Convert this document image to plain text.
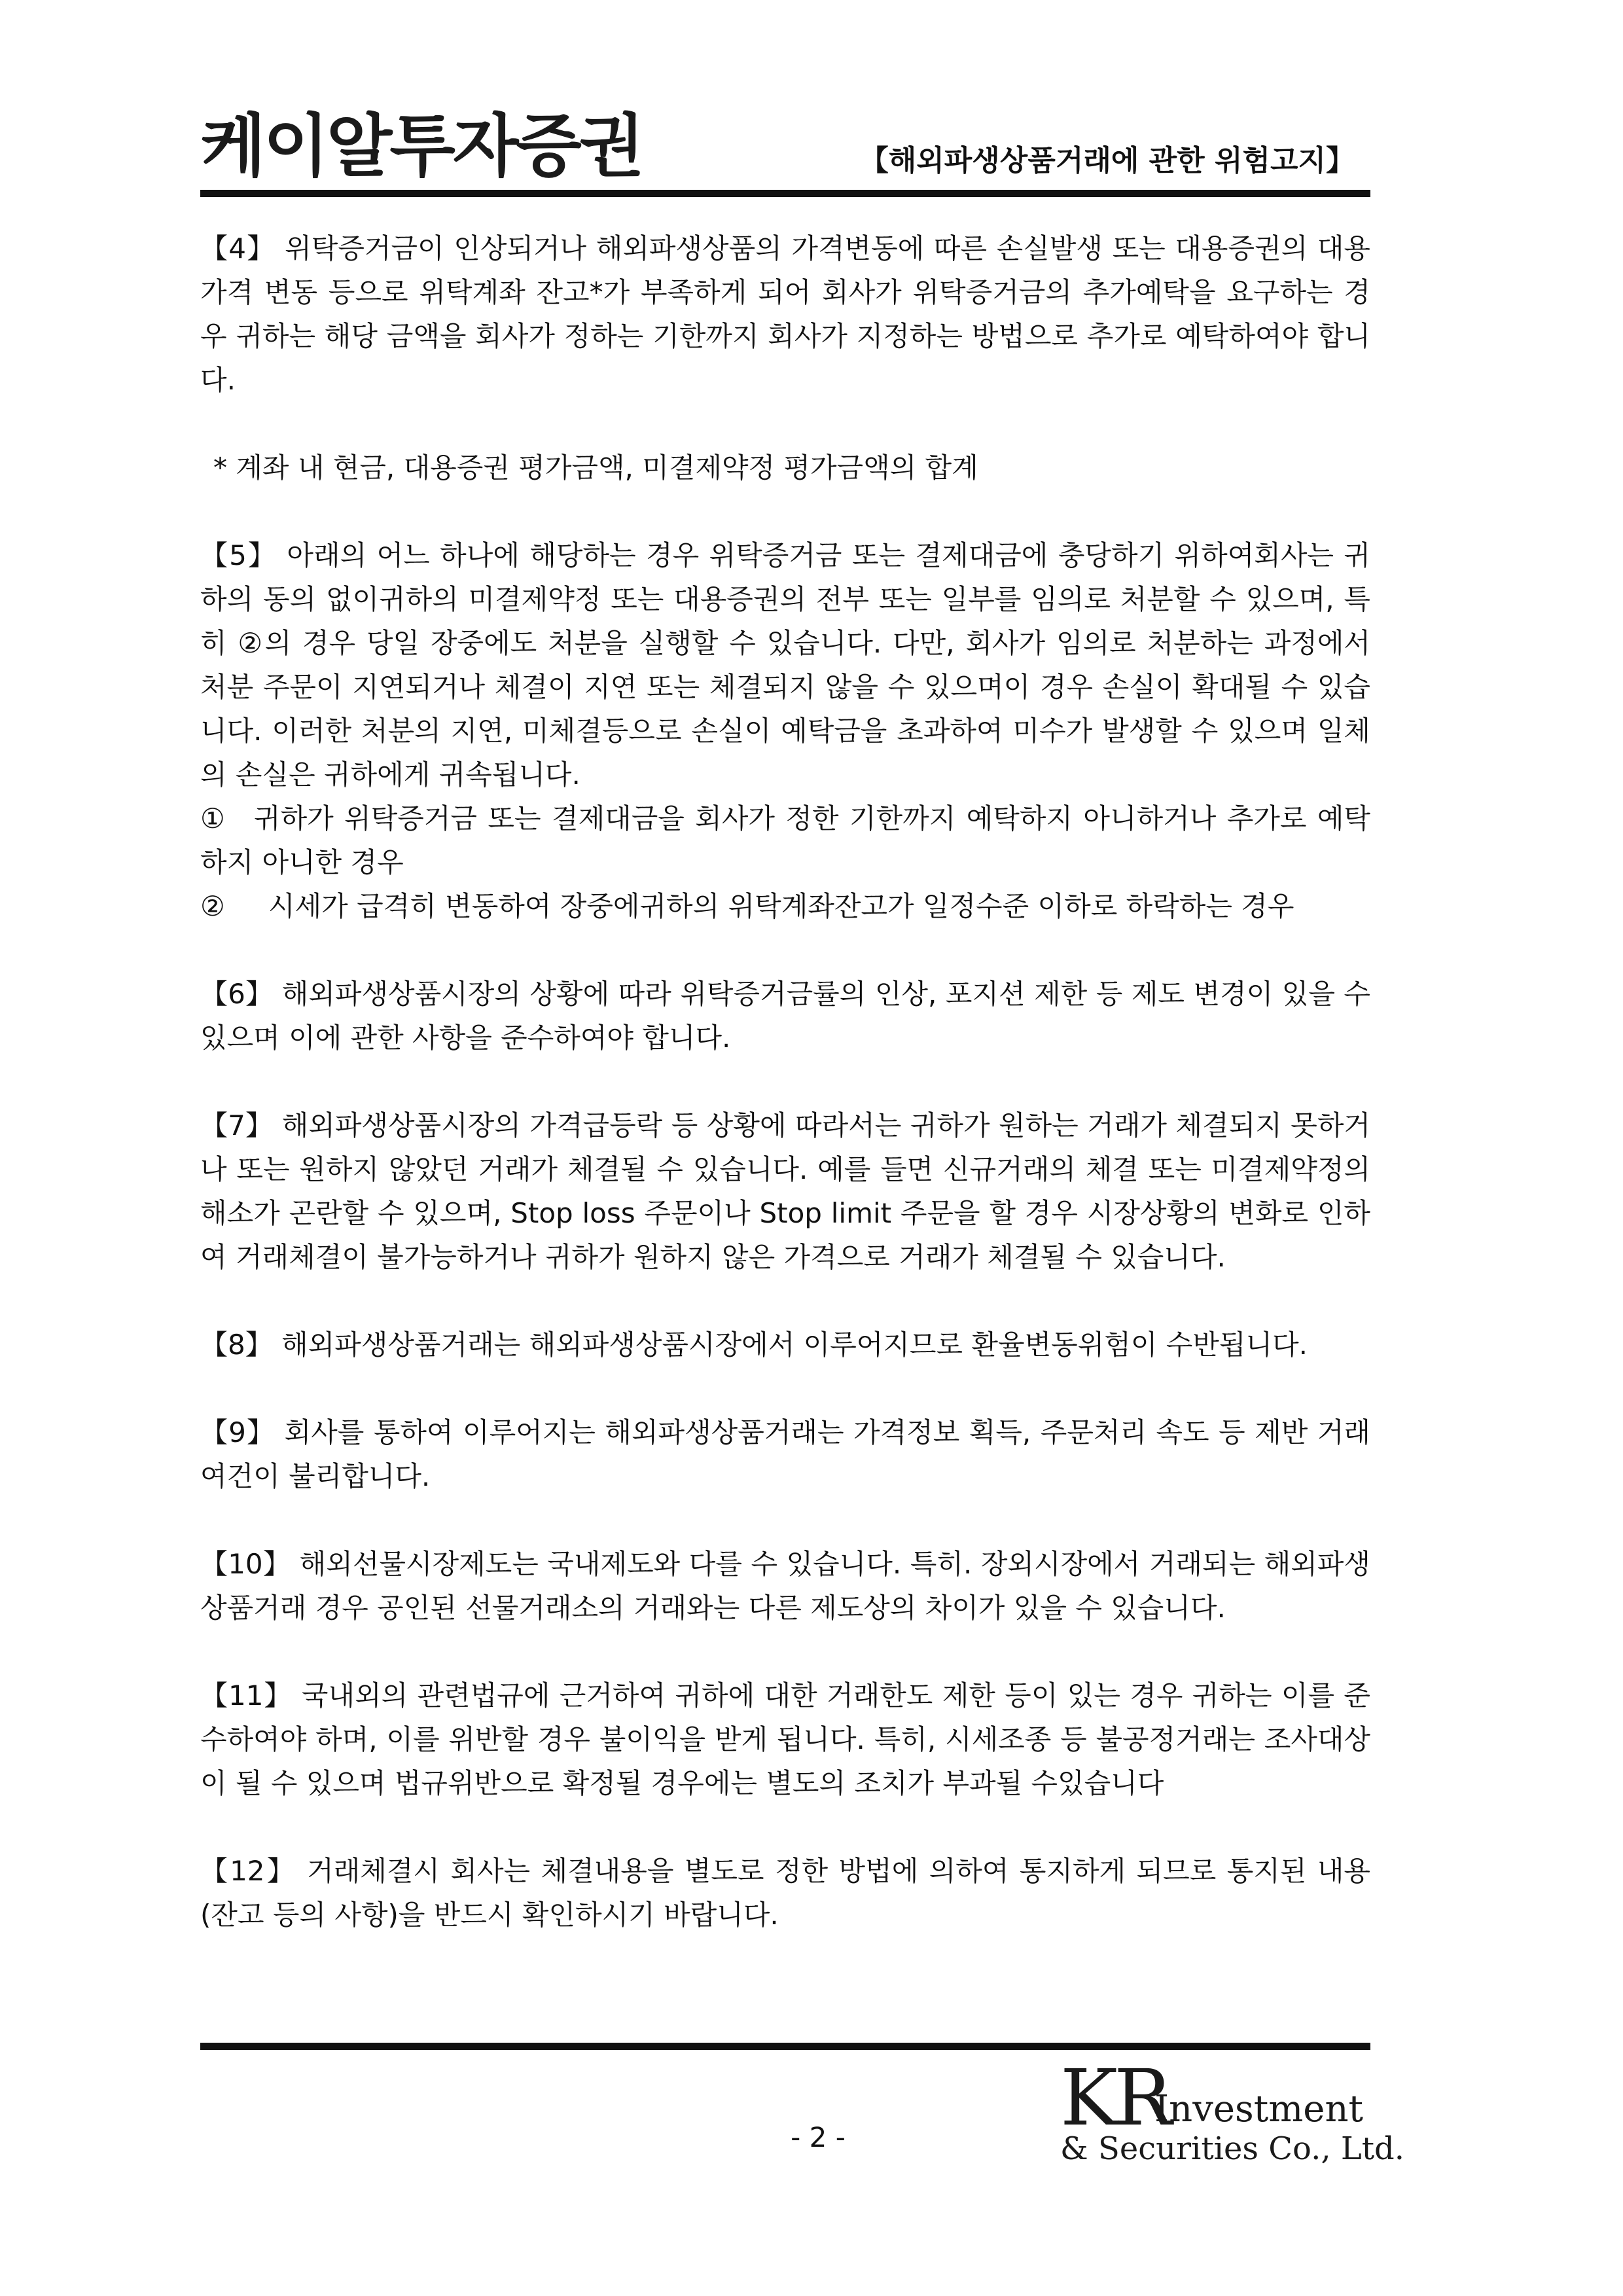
케이알투자증권	【해외파생상품거래에 관한 위험고지】

【4】 위탁증거금이 인상되거나 해외파생상품의 가격변동에 따른 손실발생 또는 대용증권의 대용가격 변동 등으로 위탁계좌 잔고*가 부족하게 되어 회사가 위탁증거금의 추가예탁을 요구하는 경우 귀하는 해당 금액을 회사가 정하는 기한까지 회사가 지정하는 방법으로 추가로 예탁하여야 합니다.

* 계좌 내 현금, 대용증권 평가금액, 미결제약정 평가금액의 합계

【5】 아래의 어느 하나에 해당하는 경우 위탁증거금 또는 결제대금에 충당하기 위하여회사는 귀하의 동의 없이귀하의 미결제약정 또는 대용증권의 전부 또는 일부를 임의로 처분할 수 있으며, 특히 ②의 경우 당일 장중에도 처분을 실행할 수 있습니다. 다만, 회사가 임의로 처분하는 과정에서 처분 주문이 지연되거나 체결이 지연 또는 체결되지 않을 수 있으며이 경우 손실이 확대될 수 있습니다. 이러한 처분의 지연, 미체결등으로 손실이 예탁금을 초과하여 미수가 발생할 수 있으며 일체의 손실은 귀하에게 귀속됩니다.

① 귀하가 위탁증거금 또는 결제대금을 회사가 정한 기한까지 예탁하지 아니하거나 추가로 예탁하지 아니한 경우

② 시세가 급격히 변동하여 장중에귀하의 위탁계좌잔고가 일정수준 이하로 하락하는 경우

【6】 해외파생상품시장의 상황에 따라 위탁증거금률의 인상, 포지션 제한 등 제도 변경이 있을 수 있으며 이에 관한 사항을 준수하여야 합니다.

【7】 해외파생상품시장의 가격급등락 등 상황에 따라서는 귀하가 원하는 거래가 체결되지 못하거나 또는 원하지 않았던 거래가 체결될 수 있습니다. 예를 들면 신규거래의 체결 또는 미결제약정의 해소가 곤란할 수 있으며, Stop loss 주문이나 Stop limit 주문을 할 경우 시장상황의 변화로 인하여 거래체결이 불가능하거나 귀하가 원하지 않은 가격으로 거래가 체결될 수 있습니다.

【8】 해외파생상품거래는 해외파생상품시장에서 이루어지므로 환율변동위험이 수반됩니다.

【9】 회사를 통하여 이루어지는 해외파생상품거래는 가격정보 획득, 주문처리 속도 등 제반 거래여건이 불리합니다.

【10】 해외선물시장제도는 국내제도와 다를 수 있습니다. 특히. 장외시장에서 거래되는 해외파생상품거래 경우 공인된 선물거래소의 거래와는 다른 제도상의 차이가 있을 수 있습니다.

【11】 국내외의 관련법규에 근거하여 귀하에 대한 거래한도 제한 등이 있는 경우 귀하는 이를 준수하여야 하며, 이를 위반할 경우 불이익을 받게 됩니다. 특히, 시세조종 등 불공정거래는 조사대상이 될 수 있으며 법규위반으로 확정될 경우에는 별도의 조치가 부과될 수있습니다

【12】 거래체결시 회사는 체결내용을 별도로 정한 방법에 의하여 통지하게 되므로 통지된 내용(잔고 등의 사항)을 반드시 확인하시기 바랍니다.

- 2 -	KR
Investment
& Securities Co., Ltd.
